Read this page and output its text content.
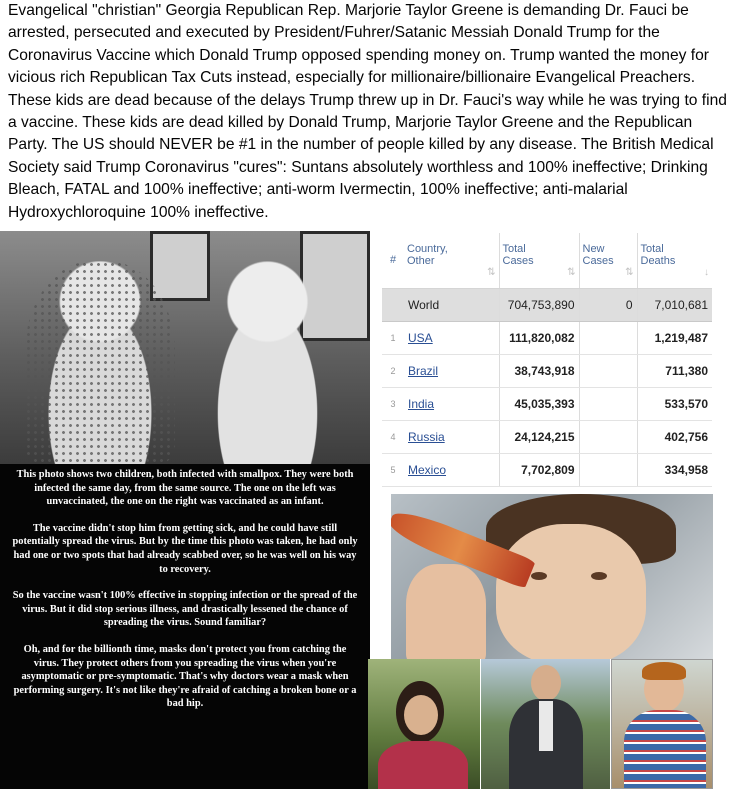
Evangelical "christian" Georgia Republican Rep. Marjorie Taylor Greene is demanding Dr. Fauci be arrested, persecuted and executed by President/Fuhrer/Satanic Messiah Donald Trump for the Coronavirus Vaccine which Donald Trump opposed spending money on. Trump wanted the money for vicious rich Republican Tax Cuts instead, especially for millionaire/billionaire Evangelical Preachers. These kids are dead because of the delays Trump threw up in Dr. Fauci's way while he was trying to find a vaccine. These kids are dead killed by Donald Trump, Marjorie Taylor Greene and the Republican Party. The US should NEVER be #1 in the number of people killed by any disease. The British Medical Society said Trump Coronavirus "cures": Suntans absolutely worthless and 100% ineffective; Drinking Bleach, FATAL and 100% ineffective; anti-worm Ivermectin, 100% ineffective; anti-malarial Hydroxychloroquine 100% ineffective.

This photo shows two children, both infected with smallpox. They were both infected the same day, from the same source. The one on the left was unvaccinated, the one on the right was vaccinated as an infant.

The vaccine didn't stop him from getting sick, and he could have still potentially spread the virus. But by the time this photo was taken, he had only had one or two spots that had already scabbed over, so he was well on his way to recovery.

So the vaccine wasn't 100% effective in stopping infection or the spread of the virus. But it did stop serious illness, and drastically lessened the chance of spreading the virus. Sound familiar?

Oh, and for the billionth time, masks don't protect you from catching the virus. They protect others from you spreading the virus when you're asymptomatic or pre-symptomatic. That's why doctors wear a mask when performing surgery. It's not like they're afraid of catching a broken bone or a bad hip.

#	Country,
Other
⇅	Total
Cases
⇅	New
Cases
⇅	Total
Deaths
↓

	World	704,753,890	0	7,010,681
1	USA	111,820,082		1,219,487
2	Brazil	38,743,918		711,380
3	India	45,035,393		533,570
4	Russia	24,124,215		402,756
5	Mexico	7,702,809		334,958
